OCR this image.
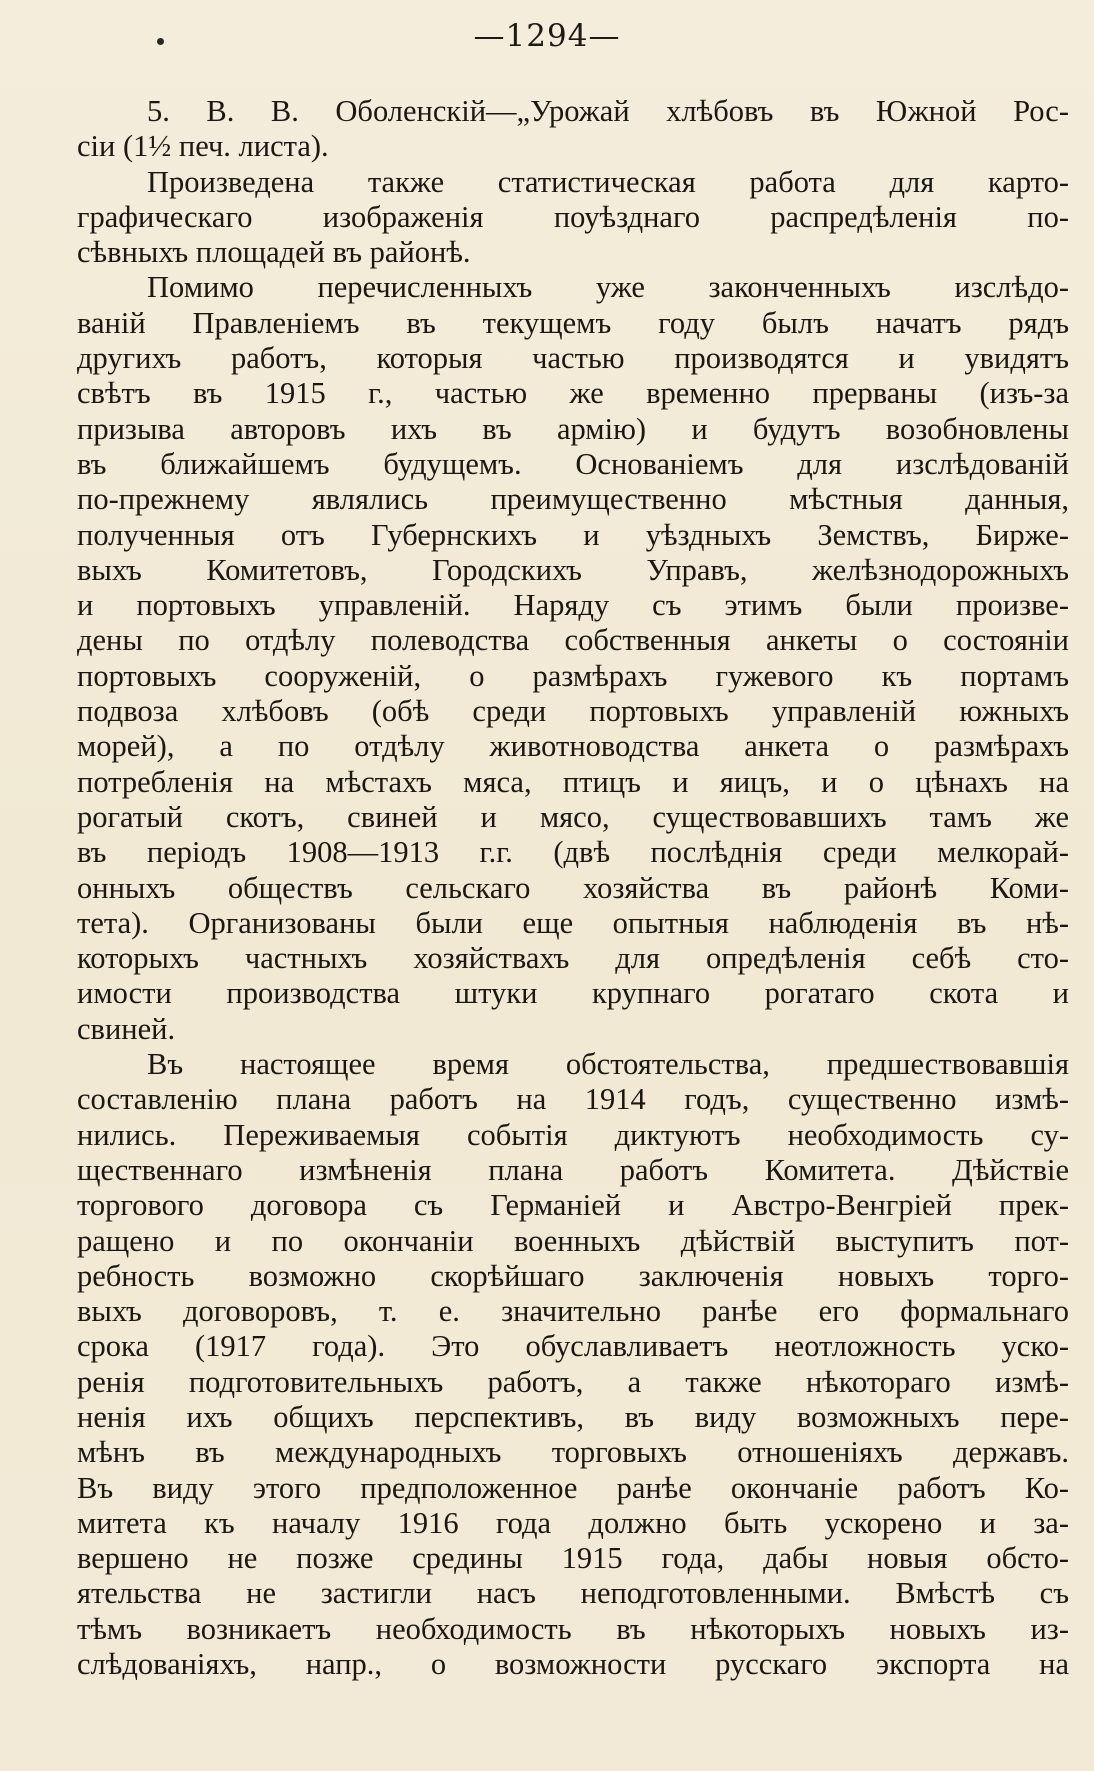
—1294—
5. В. В. Оболенскій—„Урожай хлѣбовъ въ Южной Рос-
сіи (1½ печ. листа).
Произведена также статистическая работа для карто-
графическаго изображенія поуѣзднаго распредѣленія по-
сѣвныхъ площадей въ районѣ.
Помимо перечисленныхъ уже законченныхъ изслѣдо-
ваній Правленіемъ въ текущемъ году былъ начатъ рядъ
другихъ работъ, которыя частью производятся и увидятъ
свѣтъ въ 1915 г., частью же временно прерваны (изъ-за
призыва авторовъ ихъ въ армію) и будутъ возобновлены
въ ближайшемъ будущемъ. Основаніемъ для изслѣдованій
по-прежнему являлись преимущественно мѣстныя данныя,
полученныя отъ Губернскихъ и уѣздныхъ Земствъ, Бирже-
выхъ Комитетовъ, Городскихъ Управъ, желѣзнодорожныхъ
и портовыхъ управленій. Наряду съ этимъ были произве-
дены по отдѣлу полеводства собственныя анкеты о состояніи
портовыхъ сооруженій, о размѣрахъ гужевого къ портамъ
подвоза хлѣбовъ (обѣ среди портовыхъ управленій южныхъ
морей), а по отдѣлу животноводства анкета о размѣрахъ
потребленія на мѣстахъ мяса, птицъ и яицъ, и о цѣнахъ на
рогатый скотъ, свиней и мясо, существовавшихъ тамъ же
въ періодъ 1908—1913 г.г. (двѣ послѣднія среди мелкорай-
онныхъ обществъ сельскаго хозяйства въ районѣ Коми-
тета). Организованы были еще опытныя наблюденія въ нѣ-
которыхъ частныхъ хозяйствахъ для опредѣленія себѣ сто-
имости производства штуки крупнаго рогатаго скота и
свиней.
Въ настоящее время обстоятельства, предшествовавшія
составленію плана работъ на 1914 годъ, существенно измѣ-
нились. Переживаемыя событія диктуютъ необходимость су-
щественнаго измѣненія плана работъ Комитета. Дѣйствіе
торгового договора съ Германіей и Австро-Венгріей прек-
ращено и по окончаніи военныхъ дѣйствій выступитъ пот-
ребность возможно скорѣйшаго заключенія новыхъ торго-
выхъ договоровъ, т. е. значительно ранѣе его формальнаго
срока (1917 года). Это обуславливаетъ неотложность уско-
ренія подготовительныхъ работъ, а также нѣкотораго измѣ-
ненія ихъ общихъ перспективъ, въ виду возможныхъ пере-
мѣнъ въ международныхъ торговыхъ отношеніяхъ державъ.
Въ виду этого предположенное ранѣе окончаніе работъ Ко-
митета къ началу 1916 года должно быть ускорено и за-
вершено не позже средины 1915 года, дабы новыя обсто-
ятельства не застигли насъ неподготовленными. Вмѣстѣ съ
тѣмъ возникаетъ необходимость въ нѣкоторыхъ новыхъ из-
слѣдованіяхъ, напр., о возможности русскаго экспорта на
